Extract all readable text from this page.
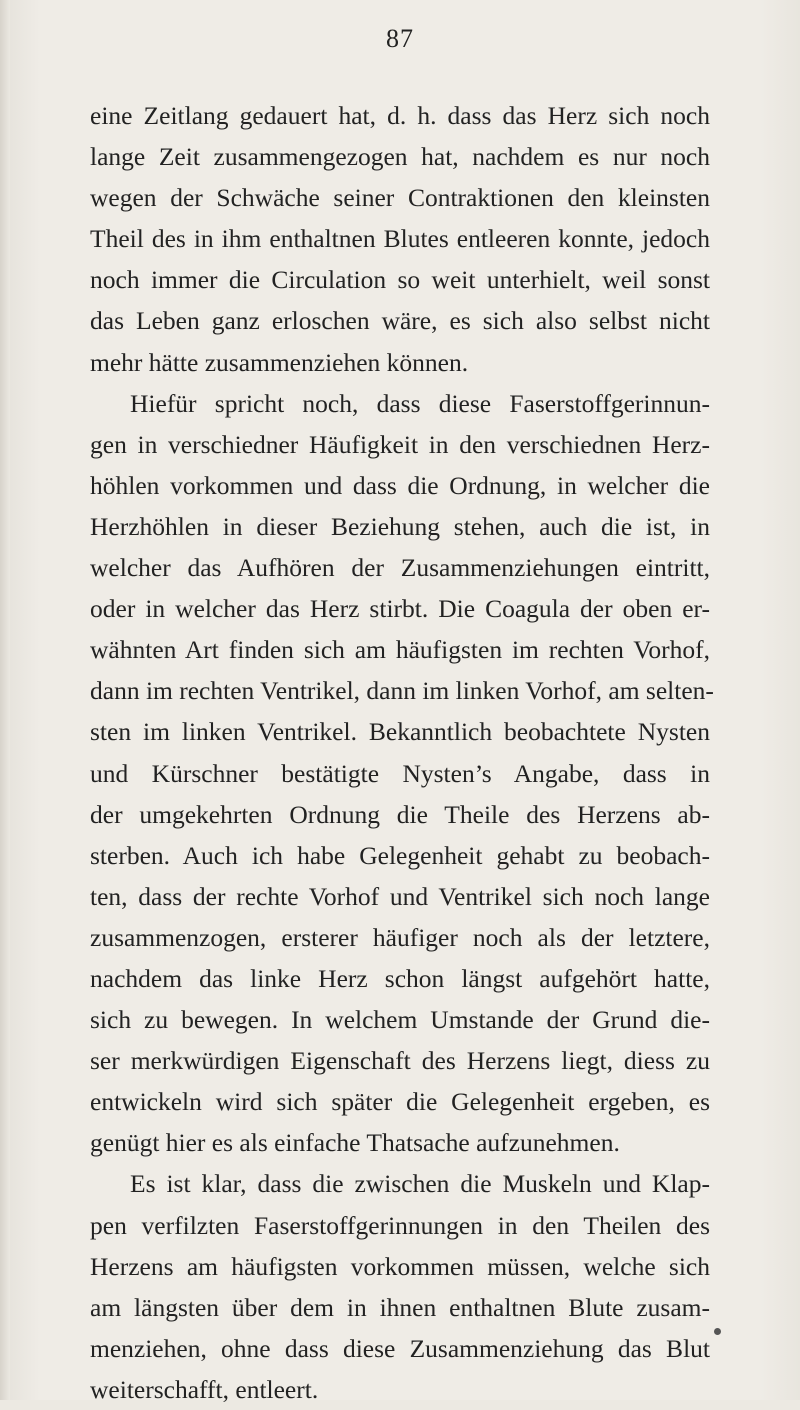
87
eine Zeitlang gedauert hat, d. h. dass das Herz sich noch
lange Zeit zusammengezogen hat, nachdem es nur noch
wegen der Schwäche seiner Contraktionen den kleinsten
Theil des in ihm enthaltnen Blutes entleeren konnte, jedoch
noch immer die Circulation so weit unterhielt, weil sonst
das Leben ganz erloschen wäre, es sich also selbst nicht
mehr hätte zusammenziehen können.
Hiefür spricht noch, dass diese Faserstoffgerinnun-
gen in verschiedner Häufigkeit in den verschiednen Herz-
höhlen vorkommen und dass die Ordnung, in welcher die
Herzhöhlen in dieser Beziehung stehen, auch die ist, in
welcher das Aufhören der Zusammenziehungen eintritt,
oder in welcher das Herz stirbt. Die Coagula der oben er-
wähnten Art finden sich am häufigsten im rechten Vorhof,
dann im rechten Ventrikel, dann im linken Vorhof, am selten-
sten im linken Ventrikel. Bekanntlich beobachtete Nysten
und Kürschner bestätigte Nysten’s Angabe, dass in
der umgekehrten Ordnung die Theile des Herzens ab-
sterben. Auch ich habe Gelegenheit gehabt zu beobach-
ten, dass der rechte Vorhof und Ventrikel sich noch lange
zusammenzogen, ersterer häufiger noch als der letztere,
nachdem das linke Herz schon längst aufgehört hatte,
sich zu bewegen. In welchem Umstande der Grund die-
ser merkwürdigen Eigenschaft des Herzens liegt, diess zu
entwickeln wird sich später die Gelegenheit ergeben, es
genügt hier es als einfache Thatsache aufzunehmen.
Es ist klar, dass die zwischen die Muskeln und Klap-
pen verfilzten Faserstoffgerinnungen in den Theilen des
Herzens am häufigsten vorkommen müssen, welche sich
am längsten über dem in ihnen enthaltnen Blute zusam-
menziehen, ohne dass diese Zusammenziehung das Blut
weiterschafft, entleert.
